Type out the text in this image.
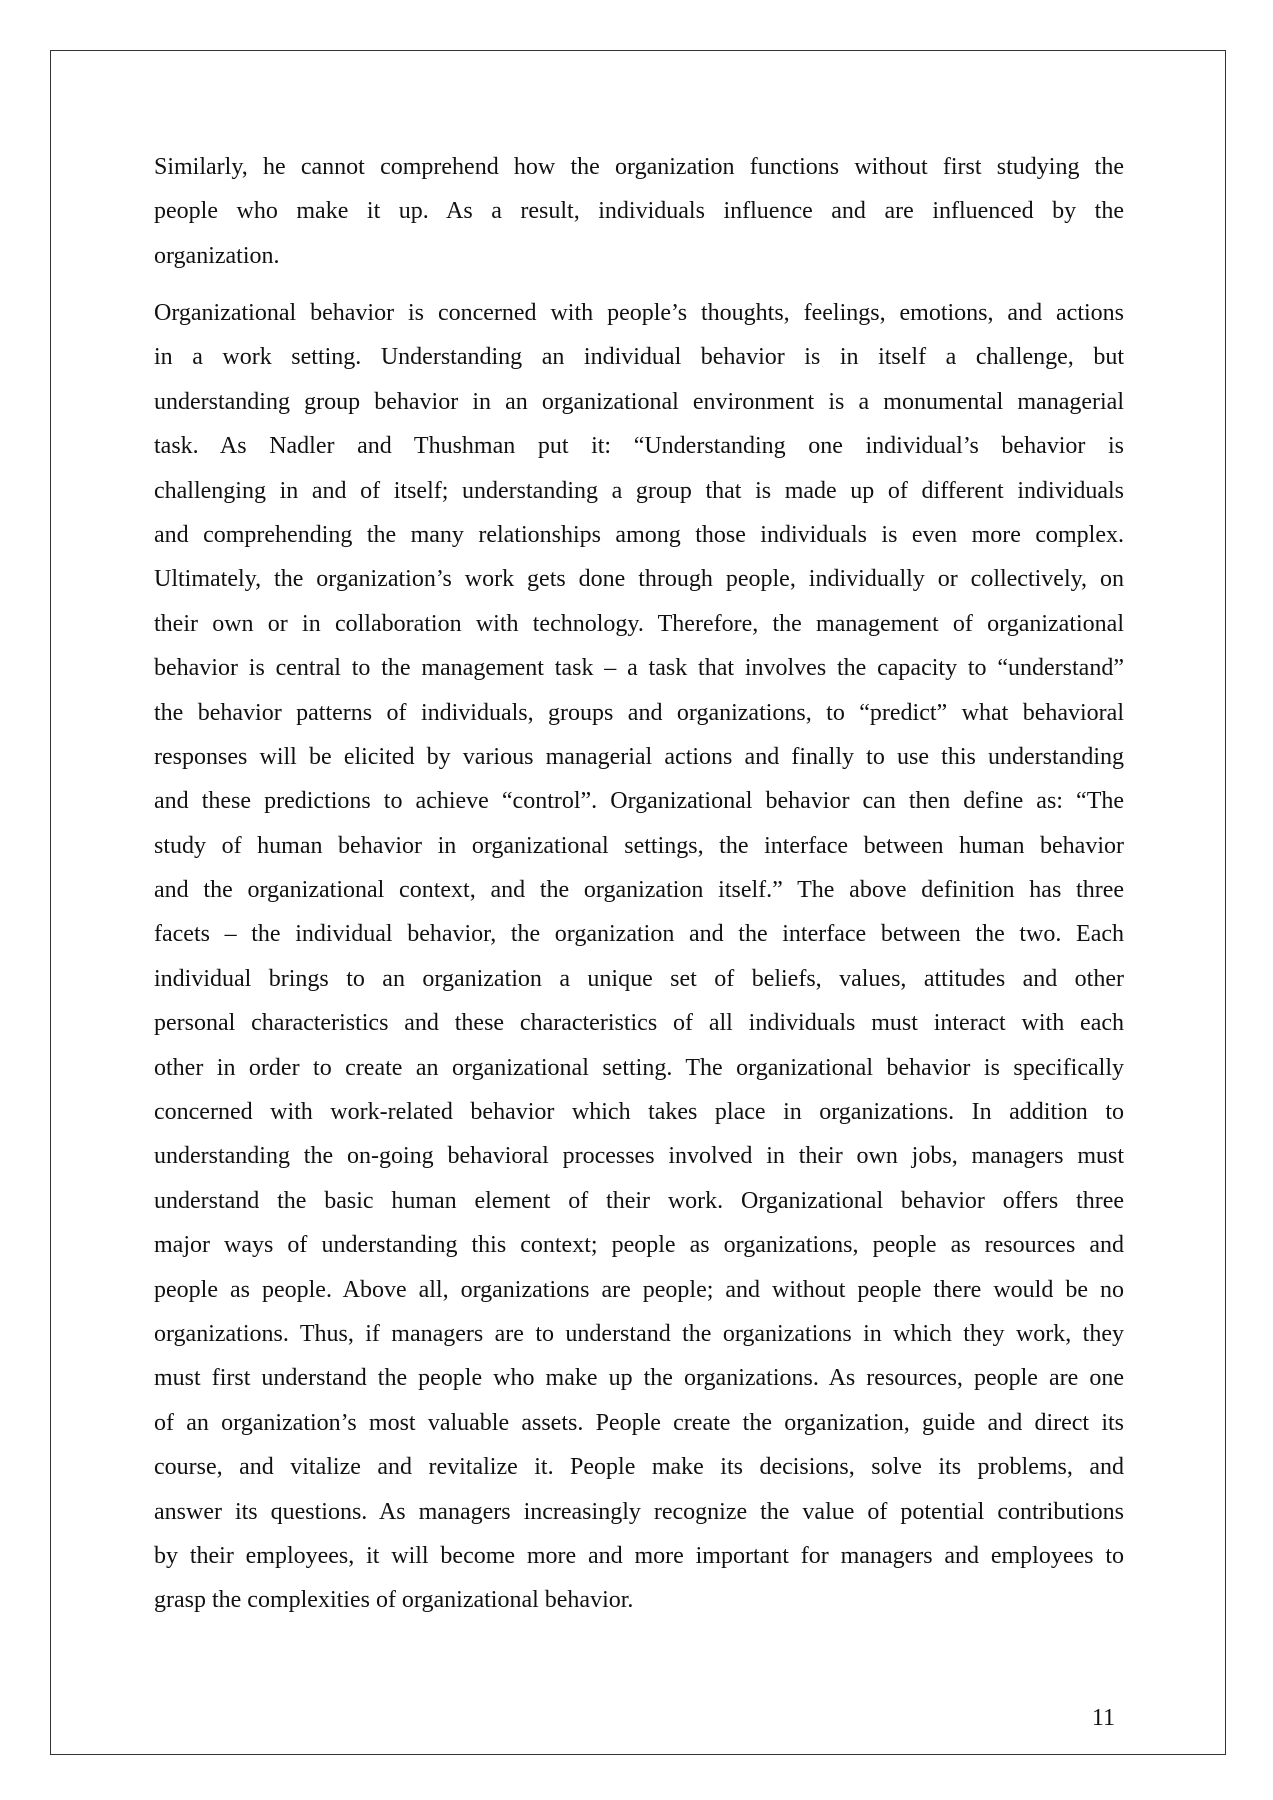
Similarly, he cannot comprehend how the organization functions without first studying the
people who make it up. As a result, individuals influence and are influenced by the
organization.
Organizational behavior is concerned with people’s thoughts, feelings, emotions, and actions
in a work setting. Understanding an individual behavior is in itself a challenge, but
understanding group behavior in an organizational environment is a monumental managerial
task. As Nadler and Thushman put it: “Understanding one individual’s behavior is
challenging in and of itself; understanding a group that is made up of different individuals
and comprehending the many relationships among those individuals is even more complex.
Ultimately, the organization’s work gets done through people, individually or collectively, on
their own or in collaboration with technology. Therefore, the management of organizational
behavior is central to the management task – a task that involves the capacity to “understand”
the behavior patterns of individuals, groups and organizations, to “predict” what behavioral
responses will be elicited by various managerial actions and finally to use this understanding
and these predictions to achieve “control”. Organizational behavior can then define as: “The
study of human behavior in organizational settings, the interface between human behavior
and the organizational context, and the organization itself.” The above definition has three
facets – the individual behavior, the organization and the interface between the two. Each
individual brings to an organization a unique set of beliefs, values, attitudes and other
personal characteristics and these characteristics of all individuals must interact with each
other in order to create an organizational setting. The organizational behavior is specifically
concerned with work-related behavior which takes place in organizations. In addition to
understanding the on-going behavioral processes involved in their own jobs, managers must
understand the basic human element of their work. Organizational behavior offers three
major ways of understanding this context; people as organizations, people as resources and
people as people. Above all, organizations are people; and without people there would be no
organizations. Thus, if managers are to understand the organizations in which they work, they
must first understand the people who make up the organizations. As resources, people are one
of an organization’s most valuable assets. People create the organization, guide and direct its
course, and vitalize and revitalize it. People make its decisions, solve its problems, and
answer its questions. As managers increasingly recognize the value of potential contributions
by their employees, it will become more and more important for managers and employees to
grasp the complexities of organizational behavior.
11
